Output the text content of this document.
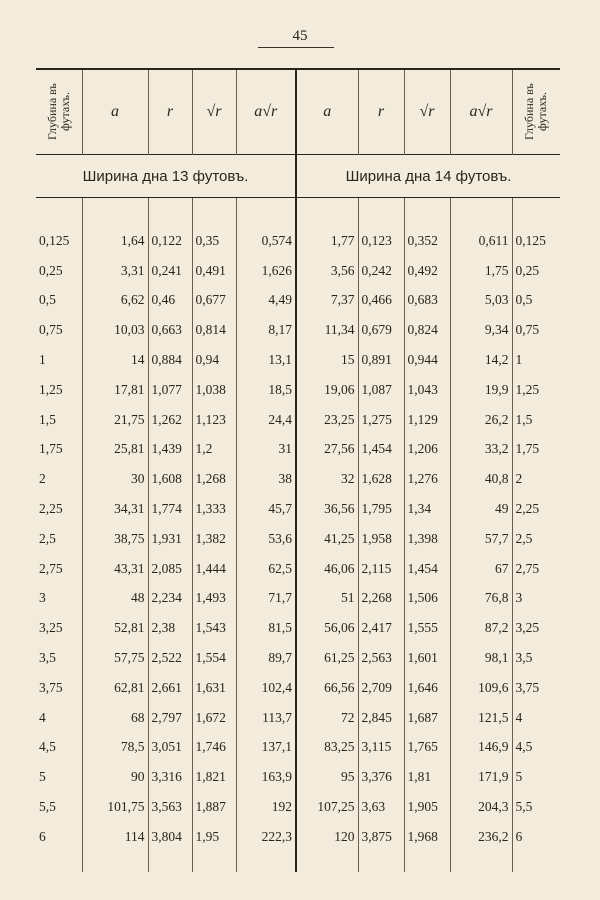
45
Глубина въ футахъ.	a	r	√r	a√r	a	r	√r	a√r	Глубина въ футахъ.

Ширина дна 13 футовъ.					Ширина дна 14 футовъ.				

0,125	1,64	0,122	0,35	0,574	1,77	0,123	0,352	0,611	0,125
0,25	3,31	0,241	0,491	1,626	3,56	0,242	0,492	1,75	0,25
0,5	6,62	0,46	0,677	4,49	7,37	0,466	0,683	5,03	0,5
0,75	10,03	0,663	0,814	8,17	11,34	0,679	0,824	9,34	0,75
1	14	0,884	0,94	13,1	15	0,891	0,944	14,2	1
1,25	17,81	1,077	1,038	18,5	19,06	1,087	1,043	19,9	1,25
1,5	21,75	1,262	1,123	24,4	23,25	1,275	1,129	26,2	1,5
1,75	25,81	1,439	1,2	31	27,56	1,454	1,206	33,2	1,75
2	30	1,608	1,268	38	32	1,628	1,276	40,8	2
2,25	34,31	1,774	1,333	45,7	36,56	1,795	1,34	49	2,25
2,5	38,75	1,931	1,382	53,6	41,25	1,958	1,398	57,7	2,5
2,75	43,31	2,085	1,444	62,5	46,06	2,115	1,454	67	2,75
3	48	2,234	1,493	71,7	51	2,268	1,506	76,8	3
3,25	52,81	2,38	1,543	81,5	56,06	2,417	1,555	87,2	3,25
3,5	57,75	2,522	1,554	89,7	61,25	2,563	1,601	98,1	3,5
3,75	62,81	2,661	1,631	102,4	66,56	2,709	1,646	109,6	3,75
4	68	2,797	1,672	113,7	72	2,845	1,687	121,5	4
4,5	78,5	3,051	1,746	137,1	83,25	3,115	1,765	146,9	4,5
5	90	3,316	1,821	163,9	95	3,376	1,81	171,9	5
5,5	101,75	3,563	1,887	192	107,25	3,63	1,905	204,3	5,5
6	114	3,804	1,95	222,3	120	3,875	1,968	236,2	6
